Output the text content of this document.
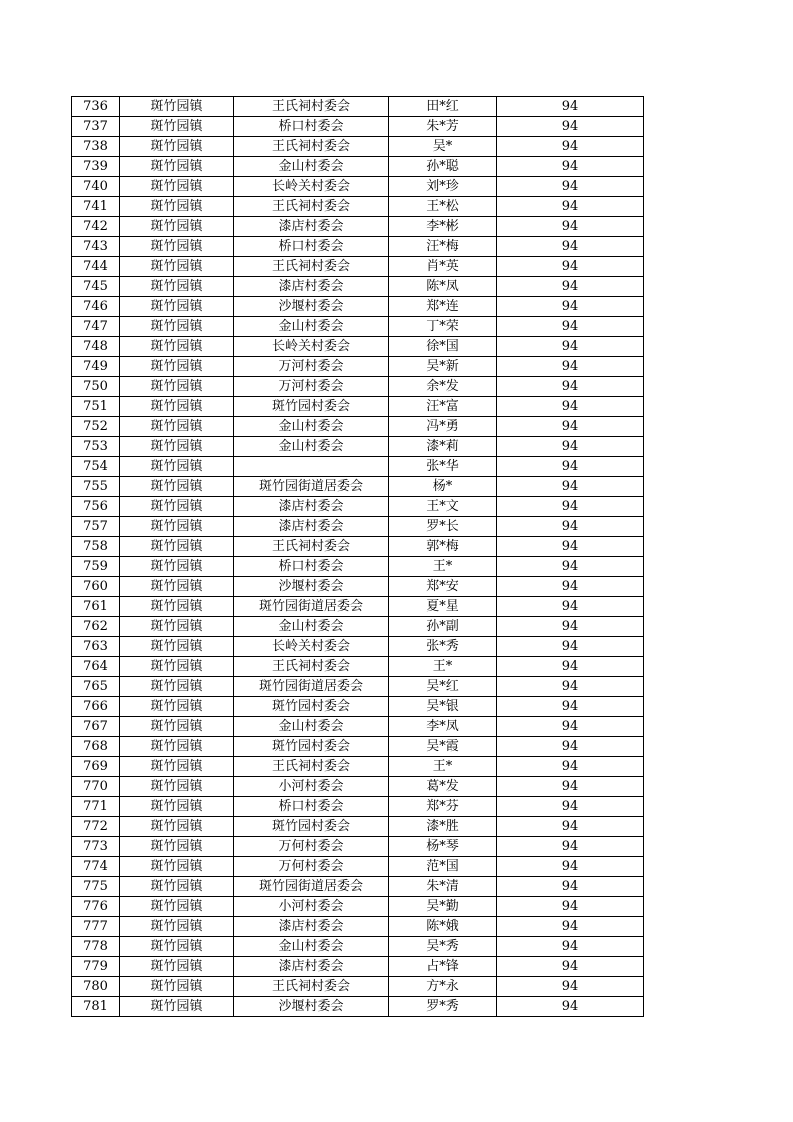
736	斑竹园镇	王氏祠村委会	田*红	94
737	斑竹园镇	桥口村委会	朱*芳	94
738	斑竹园镇	王氏祠村委会	吴*	94
739	斑竹园镇	金山村委会	孙*聪	94
740	斑竹园镇	长岭关村委会	刘*珍	94
741	斑竹园镇	王氏祠村委会	王*松	94
742	斑竹园镇	漆店村委会	李*彬	94
743	斑竹园镇	桥口村委会	汪*梅	94
744	斑竹园镇	王氏祠村委会	肖*英	94
745	斑竹园镇	漆店村委会	陈*凤	94
746	斑竹园镇	沙堰村委会	郑*连	94
747	斑竹园镇	金山村委会	丁*荣	94
748	斑竹园镇	长岭关村委会	徐*国	94
749	斑竹园镇	万河村委会	吴*新	94
750	斑竹园镇	万河村委会	余*发	94
751	斑竹园镇	斑竹园村委会	汪*富	94
752	斑竹园镇	金山村委会	冯*勇	94
753	斑竹园镇	金山村委会	漆*莉	94
754	斑竹园镇		张*华	94
755	斑竹园镇	斑竹园街道居委会	杨*	94
756	斑竹园镇	漆店村委会	王*文	94
757	斑竹园镇	漆店村委会	罗*长	94
758	斑竹园镇	王氏祠村委会	郭*梅	94
759	斑竹园镇	桥口村委会	王*	94
760	斑竹园镇	沙堰村委会	郑*安	94
761	斑竹园镇	斑竹园街道居委会	夏*星	94
762	斑竹园镇	金山村委会	孙*副	94
763	斑竹园镇	长岭关村委会	张*秀	94
764	斑竹园镇	王氏祠村委会	王*	94
765	斑竹园镇	斑竹园街道居委会	吴*红	94
766	斑竹园镇	斑竹园村委会	吴*银	94
767	斑竹园镇	金山村委会	李*凤	94
768	斑竹园镇	斑竹园村委会	吴*霞	94
769	斑竹园镇	王氏祠村委会	王*	94
770	斑竹园镇	小河村委会	葛*发	94
771	斑竹园镇	桥口村委会	郑*芬	94
772	斑竹园镇	斑竹园村委会	漆*胜	94
773	斑竹园镇	万何村委会	杨*琴	94
774	斑竹园镇	万何村委会	范*国	94
775	斑竹园镇	斑竹园街道居委会	朱*清	94
776	斑竹园镇	小河村委会	吴*勤	94
777	斑竹园镇	漆店村委会	陈*娥	94
778	斑竹园镇	金山村委会	吴*秀	94
779	斑竹园镇	漆店村委会	占*锋	94
780	斑竹园镇	王氏祠村委会	方*永	94
781	斑竹园镇	沙堰村委会	罗*秀	94
